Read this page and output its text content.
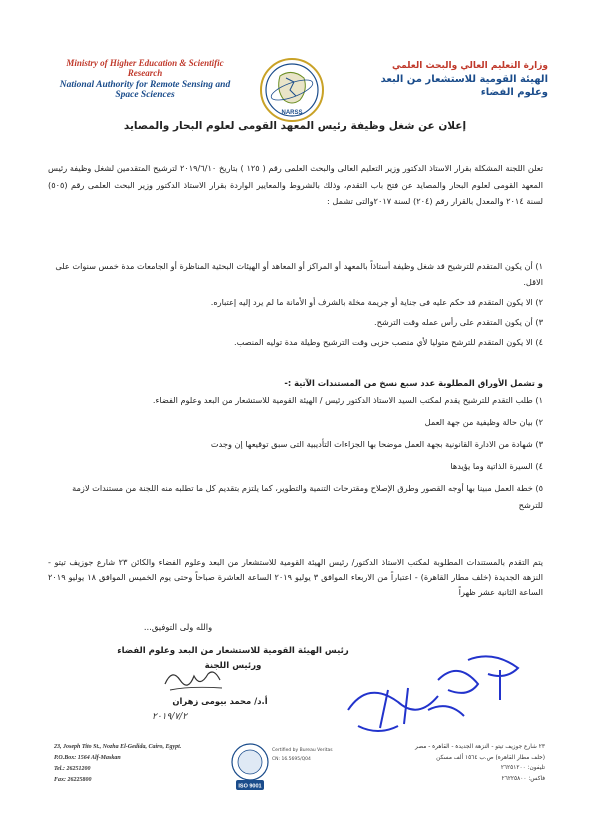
Ministry of Higher Education & Scientific Research
National Authority for Remote Sensing and Space Sciences
NARSS
وزارة التعليم العالي والبحث العلمي
الهيئة القومية للاستشعار من البعد وعلوم الفضاء
إعلان عن شغل وظيفة رئيس المعهد القومى لعلوم البحار والمصايد
تعلن اللجنة المشكلة بقرار الاستاذ الدكتور وزير التعليم العالى والبحث العلمى رقم ( ١٢٥ ) بتاريخ ٢٠١٩/٦/١٠ لترشيح المتقدمين لشغل وظيفة رئيس المعهد القومى لعلوم البحار والمصايد عن فتح باب التقدم، وذلك بالشروط والمعايير الواردة بقرار الاستاذ الدكتور وزير البحث العلمى رقم (٥٠٥) لسنة ٢٠١٤ والمعدل بالقرار رقم (٢٠٤) لسنة ٢٠١٧والتى تشمل :
١) أن يكون المتقدم للترشيح قد شغل وظيفة أستاذاً بالمعهد أو المراكز أو المعاهد أو الهيئات البحثية المناظرة أو الجامعات مدة خمس سنوات على الاقل.
٢) الا يكون المتقدم قد حكم عليه فى جناية أو جريمة مخلة بالشرف أو الأمانة ما لم يرد إليه إعتباره.
٣) أن يكون المتقدم على رأس عمله وقت الترشح.
٤) الا يكون المتقدم للترشح متوليا لأي منصب حزبى وقت الترشيح وطيلة مدة توليه المنصب.
و تشمل الأوراق المطلوبة عدد سبع نسخ من المستندات الآتية :-
١) طلب التقدم للترشيح يقدم لمكتب السيد الاستاذ الدكتور رئيس / الهيئة القومية للاستشعار من البعد وعلوم الفضاء.
٢) بيان حالة وظيفية من جهة العمل
٣) شهادة من الادارة القانونية بجهة العمل موضحا بها الجزاءات التأديبية التى سبق توقيعها إن وجدت
٤) السيرة الذاتية وما يؤيدها
٥) خطة العمل مبينا بها أوجه القصور وطرق الإصلاح ومقترحات التنمية والتطوير، كما يلتزم بتقديم كل ما تطلبه منه اللجنة من مستندات لازمة للترشح
يتم التقدم بالمستندات المطلوبة لمكتب الاستاذ الدكتور/ رئيس الهيئة القومية للاستشعار من البعد وعلوم الفضاء والكائن ٢٣ شارع جوزيف تيتو - النزهة الجديدة (خلف مطار القاهرة) - اعتباراً من الاربعاء الموافق ٣ يوليو ٢٠١٩ الساعة العاشرة صباحاً وحتى يوم الخميس الموافق ١٨ يوليو ٢٠١٩ الساعة الثانية عشر ظهراً
والله ولى التوفيق...
رئيس الهيئة القومية للاستشعار من البعد وعلوم الفضاء
ورئيس اللجنة
أ.د/ محمد بيومى زهران
٢٠١٩/٧/٢
23, Joseph Tito St., Nozha El-Gedida, Cairo, Egypt.
P.O.Box: 1564 Alf-Maskan
Tel.: 26251200
Fax: 26225800
ISO 9001
Certified by Bureau Veritas
CN: 16.5695/Q04
٢٣ شارع جوزيف تيتو - النزهة الجديدة - القاهرة - مصر
(خلف مطار القاهرة) ص.ب ١٥٦٤ ألف مسكن
تليفون: ٢٦٢٥١٢٠٠
فاكس: ٢٦٢٢٥٨٠٠
